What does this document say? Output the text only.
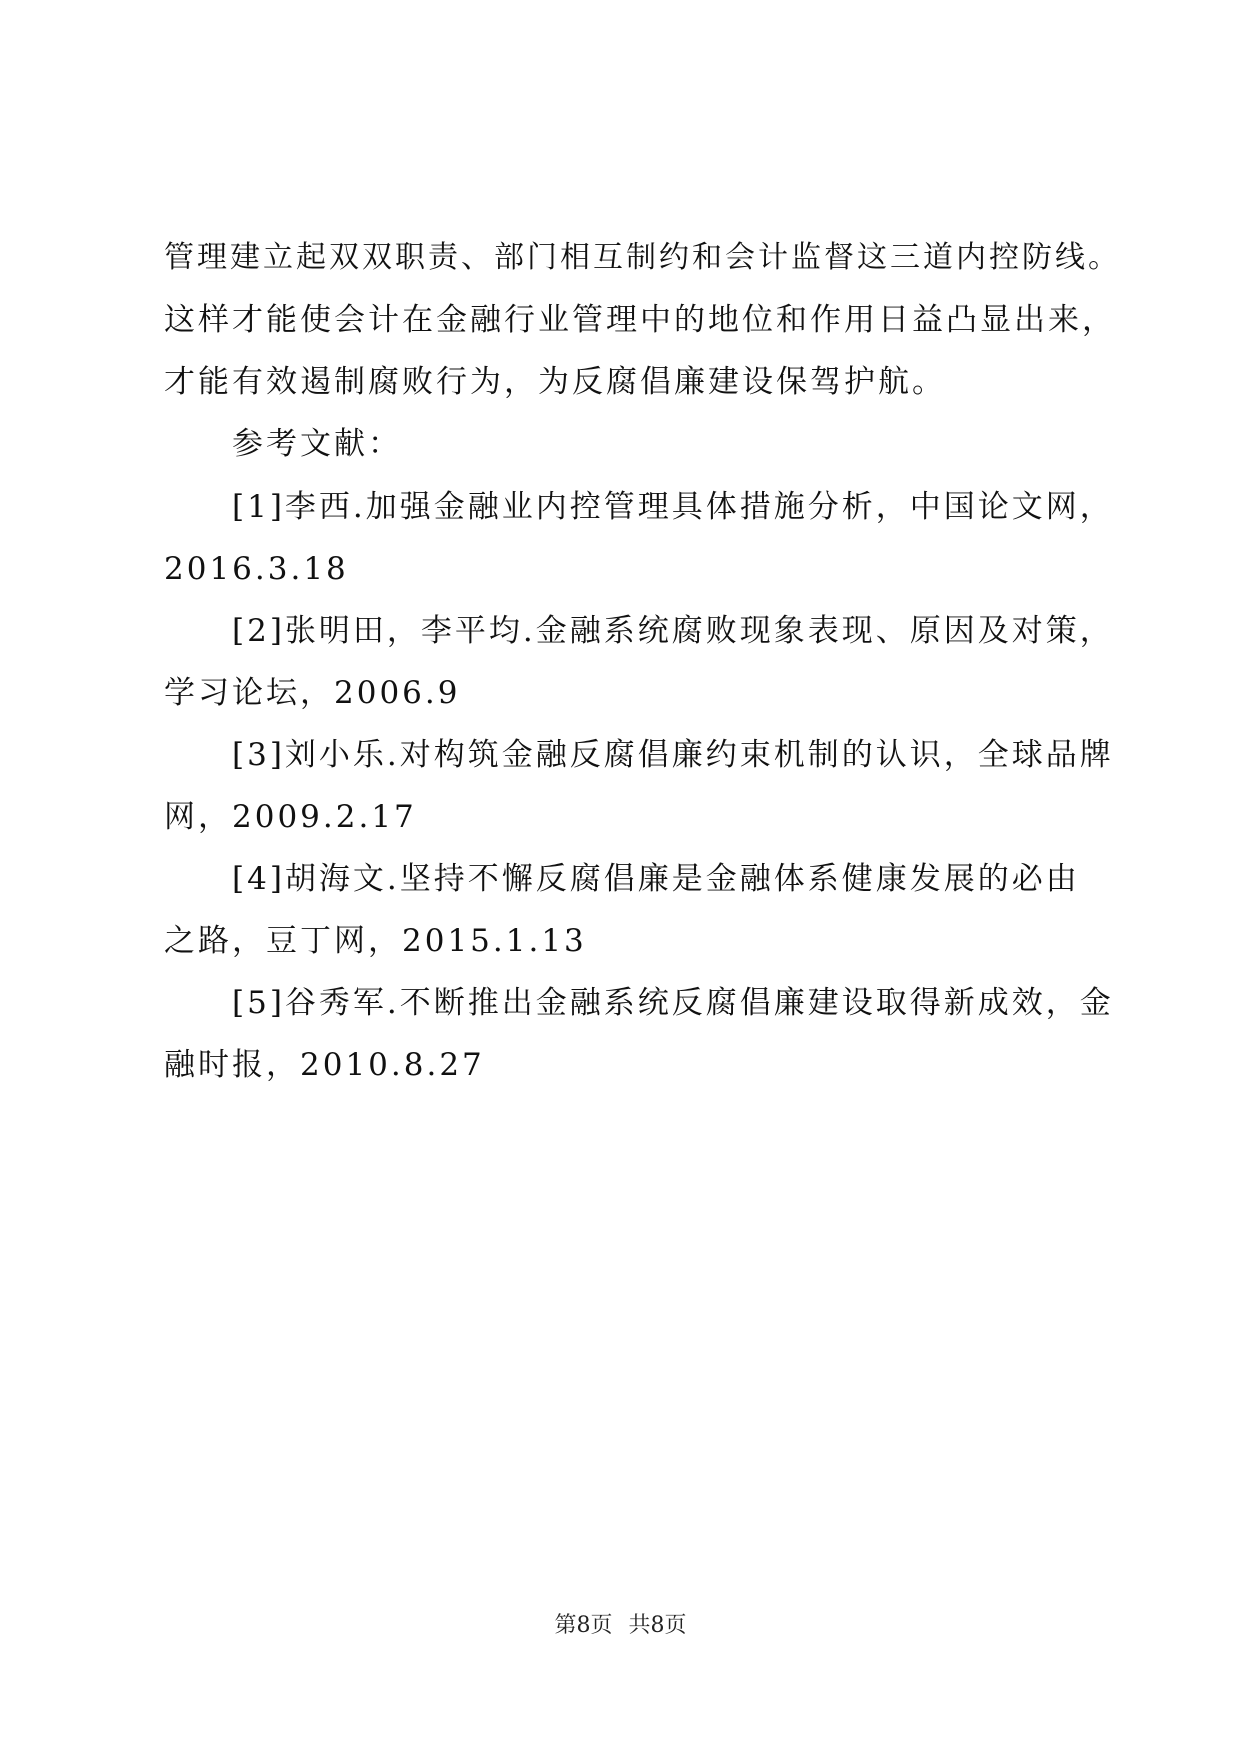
管理建立起双双职责、部门相互制约和会计监督这三道内控防线。
这样才能使会计在金融行业管理中的地位和作用日益凸显出来，
才能有效遏制腐败行为，为反腐倡廉建设保驾护航。
参考文献：
[1]李西.加强金融业内控管理具体措施分析，中国论文网，
2016.3.18
[2]张明田，李平均.金融系统腐败现象表现、原因及对策，
学习论坛，2006.9
[3]刘小乐.对构筑金融反腐倡廉约束机制的认识，全球品牌
网，2009.2.17
[4]胡海文.坚持不懈反腐倡廉是金融体系健康发展的必由
之路，豆丁网，2015.1.13
[5]谷秀军.不断推出金融系统反腐倡廉建设取得新成效，金
融时报，2010.8.27
第8页 共8页
